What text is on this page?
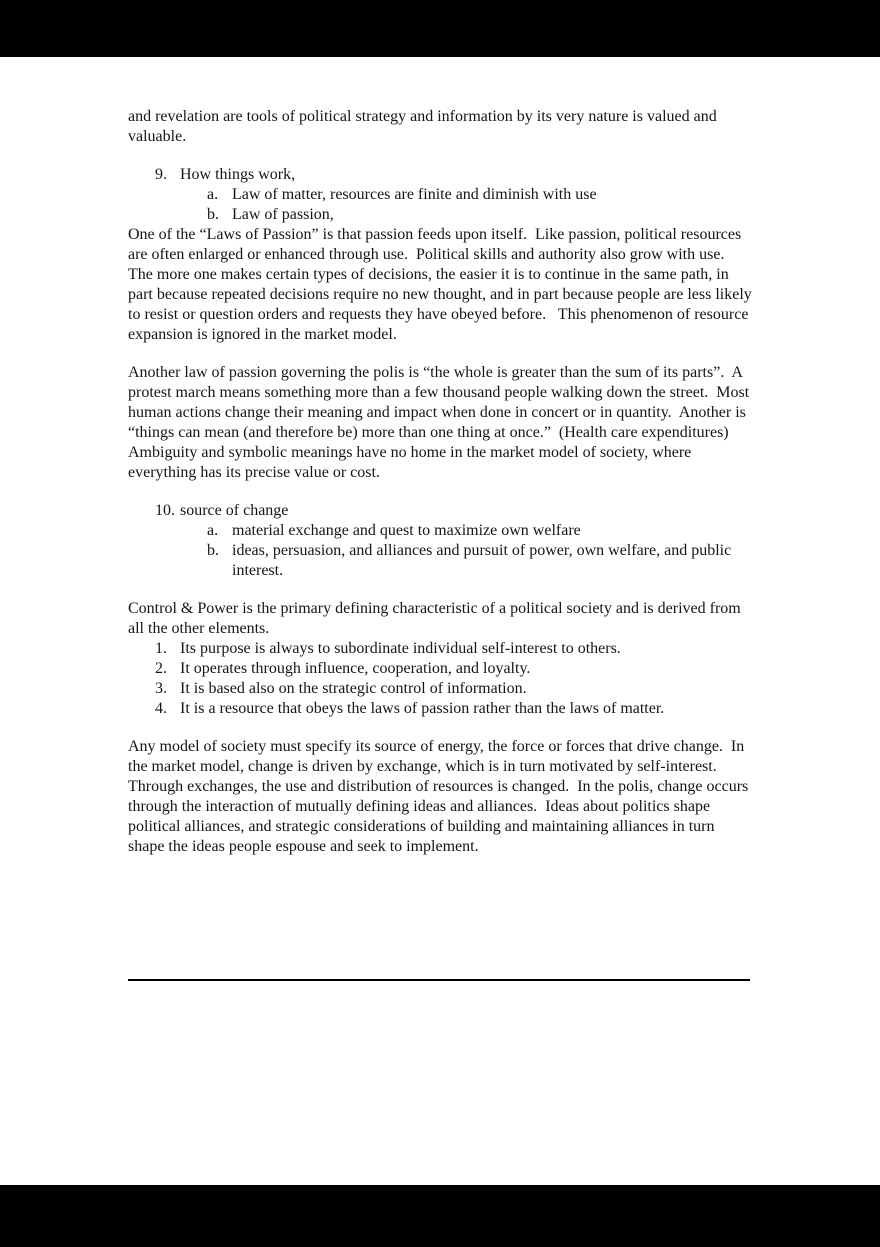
and revelation are tools of political strategy and information by its very nature is valued and valuable.

9. How things work,
a. Law of matter, resources are finite and diminish with use
b. Law of passion,

One of the “Laws of Passion” is that passion feeds upon itself.  Like passion, political resources are often enlarged or enhanced through use.  Political skills and authority also grow with use.  The more one makes certain types of decisions, the easier it is to continue in the same path, in part because repeated decisions require no new thought, and in part because people are less likely to resist or question orders and requests they have obeyed before.   This phenomenon of resource expansion is ignored in the market model.

Another law of passion governing the polis is “the whole is greater than the sum of its parts”.  A protest march means something more than a few thousand people walking down the street.  Most human actions change their meaning and impact when done in concert or in quantity.  Another is “things can mean (and therefore be) more than one thing at once.”  (Health care expenditures)  Ambiguity and symbolic meanings have no home in the market model of society, where everything has its precise value or cost.

10. source of change
a. material exchange and quest to maximize own welfare
b. ideas, persuasion, and alliances and pursuit of power, own welfare, and public interest.

Control & Power is the primary defining characteristic of a political society and is derived from all the other elements.

1. Its purpose is always to subordinate individual self-interest to others.
2. It operates through influence, cooperation, and loyalty.
3. It is based also on the strategic control of information.
4. It is a resource that obeys the laws of passion rather than the laws of matter.

Any model of society must specify its source of energy, the force or forces that drive change.  In the market model, change is driven by exchange, which is in turn motivated by self-interest.  Through exchanges, the use and distribution of resources is changed.  In the polis, change occurs through the interaction of mutually defining ideas and alliances.  Ideas about politics shape political alliances, and strategic considerations of building and maintaining alliances in turn shape the ideas people espouse and seek to implement.
